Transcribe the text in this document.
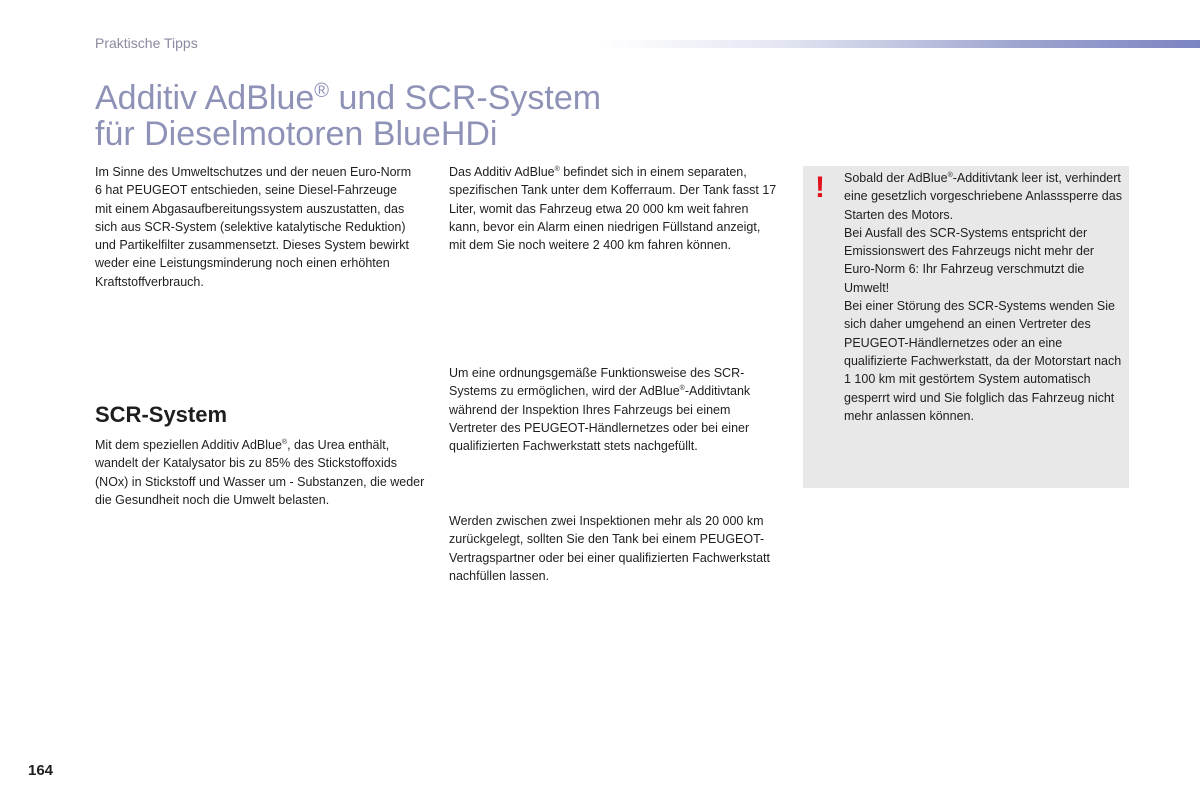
Praktische Tipps
Additiv AdBlue® und SCR-System
für Dieselmotoren BlueHDi

Im Sinne des Umweltschutzes und der neuen Euro-Norm 6 hat PEUGEOT entschieden, seine Diesel-Fahrzeuge mit einem Abgasaufbereitungssystem auszustatten, das sich aus SCR-System (selektive katalytische Reduktion) und Partikelfilter zusammensetzt. Dieses System bewirkt weder eine Leistungsminderung noch einen erhöhten Kraftstoffverbrauch.

SCR-System

Mit dem speziellen Additiv AdBlue®, das Urea enthält, wandelt der Katalysator bis zu 85% des Stickstoffoxids (NOx) in Stickstoff und Wasser um - Substanzen, die weder die Gesundheit noch die Umwelt belasten.

Das Additiv AdBlue® befindet sich in einem separaten, spezifischen Tank unter dem Kofferraum. Der Tank fasst 17 Liter, womit das Fahrzeug etwa 20 000 km weit fahren kann, bevor ein Alarm einen niedrigen Füllstand anzeigt, mit dem Sie noch weitere 2 400 km fahren können.

Um eine ordnungsgemäße Funktionsweise des SCR-Systems zu ermöglichen, wird der AdBlue®-Additivtank während der Inspektion Ihres Fahrzeugs bei einem Vertreter des PEUGEOT-Händlernetzes oder bei einer qualifizierten Fachwerkstatt stets nachgefüllt.

Werden zwischen zwei Inspektionen mehr als 20 000 km zurückgelegt, sollten Sie den Tank bei einem PEUGEOT-Vertragspartner oder bei einer qualifizierten Fachwerkstatt nachfüllen lassen.

! Sobald der AdBlue®-Additivtank leer ist, verhindert eine gesetzlich vorgeschriebene Anlasssperre das Starten des Motors.
Bei Ausfall des SCR-Systems entspricht der Emissionswert des Fahrzeugs nicht mehr der Euro-Norm 6: Ihr Fahrzeug verschmutzt die Umwelt!
Bei einer Störung des SCR-Systems wenden Sie sich daher umgehend an einen Vertreter des PEUGEOT-Händlernetzes oder an eine qualifizierte Fachwerkstatt, da der Motorstart nach 1 100 km mit gestörtem System automatisch gesperrt wird und Sie folglich das Fahrzeug nicht mehr anlassen können.

164
